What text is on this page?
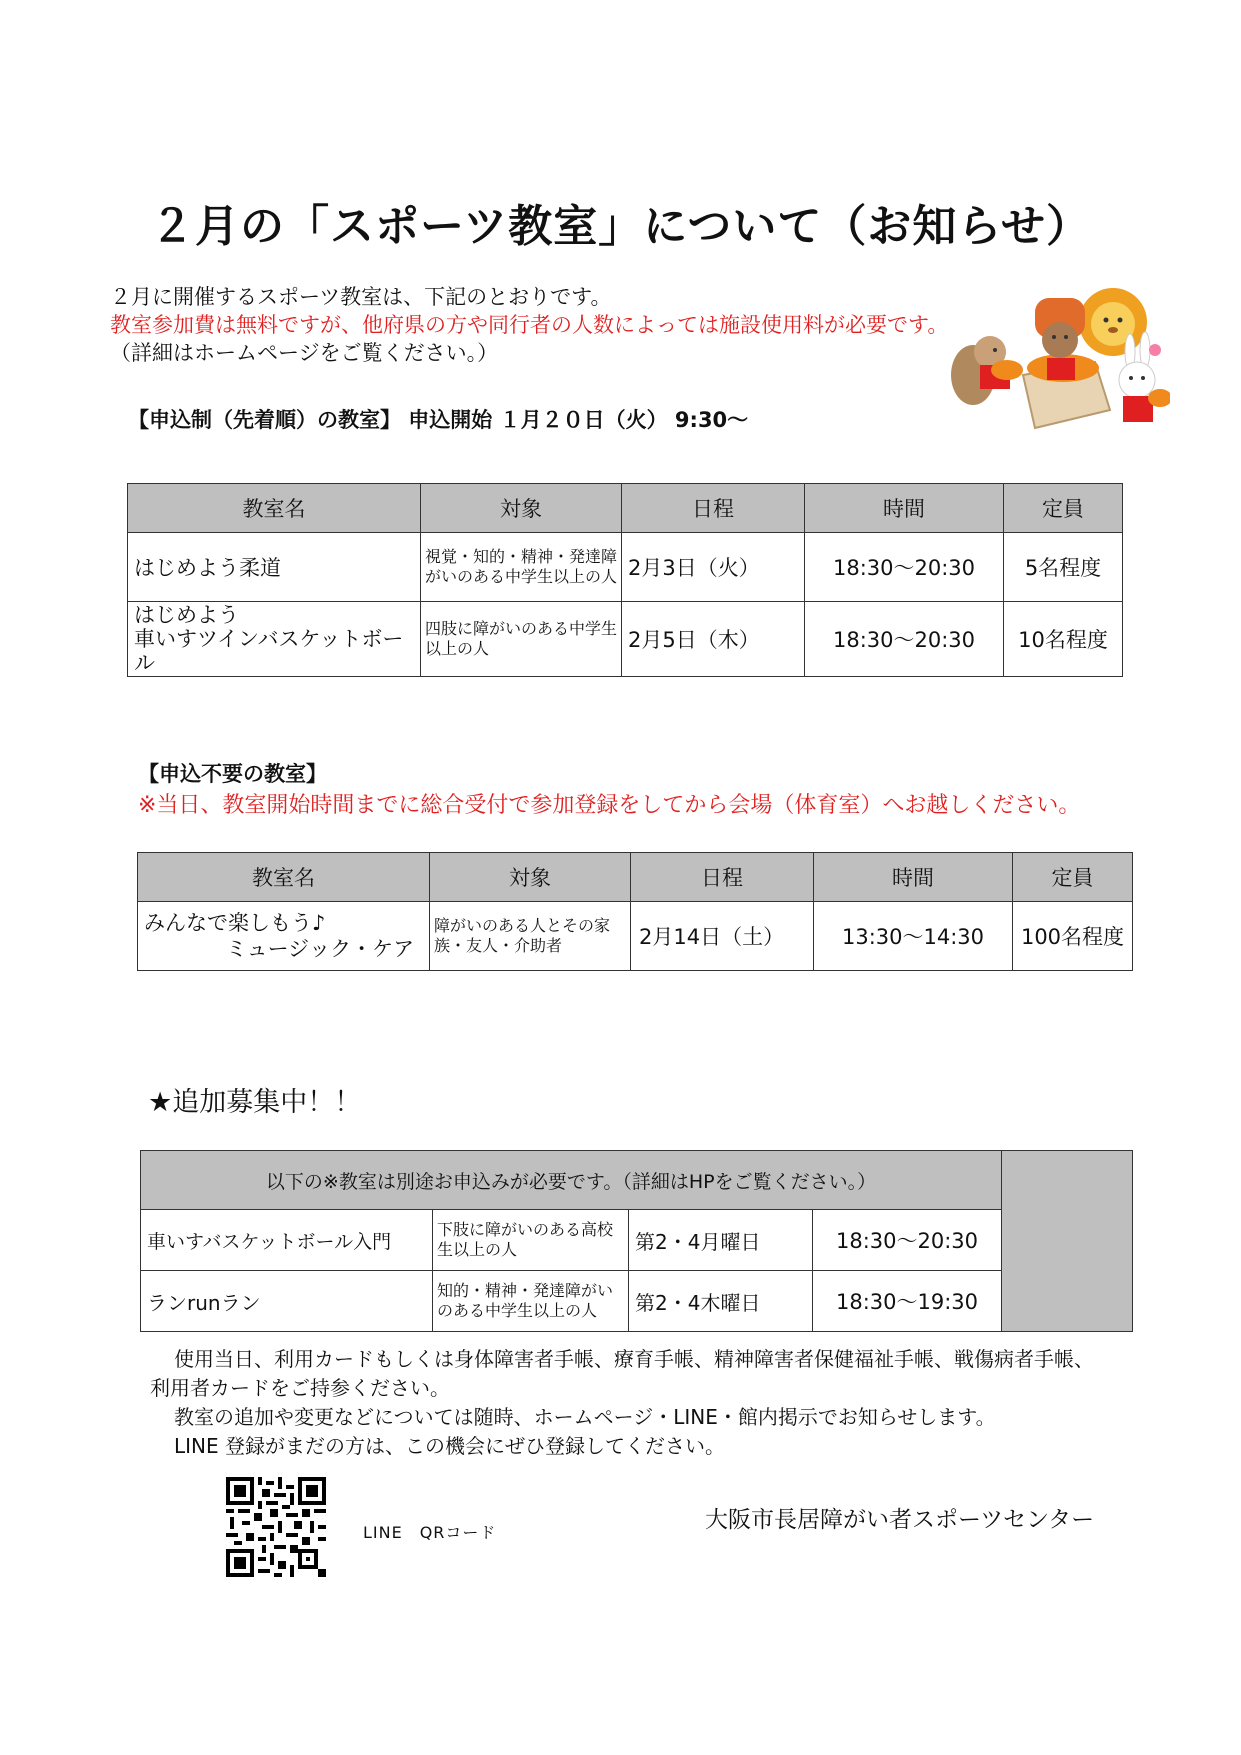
２月の「スポーツ教室」について（お知らせ）
２月に開催するスポーツ教室は、下記のとおりです。
教室参加費は無料ですが、他府県の方や同行者の人数によっては施設使用料が必要です。
（詳細はホームページをご覧ください。）
【申込制（先着順）の教室】 申込開始 １月２０日（火） 9:30～
教室名	対象	日程	時間	定員
はじめよう柔道	視覚・知的・精神・発達障がいのある中学生以上の人	2月3日（火）	18:30～20:30	5名程度

はじめよう
車いすツインバスケットボール	四肢に障がいのある中学生以上の人	2月5日（木）	18:30～20:30	10名程度
【申込不要の教室】
※当日、教室開始時間までに総合受付で参加登録をしてから会場（体育室）へお越しください。
教室名	対象	日程	時間	定員

みんなで楽しもう♪
ミュージック・ケア	障がいのある人とその家族・友人・介助者	2月14日（土）	13:30～14:30	100名程度
★追加募集中！！
以下の※教室は別途お申込みが必要です。（詳細はHPをご覧ください。）				
車いすバスケットボール入門	下肢に障がいのある高校生以上の人	第2・4月曜日	18:30～20:30	
ランrunラン	知的・精神・発達障がいのある中学生以上の人	第2・4木曜日	18:30～19:30	
使用当日、利用カードもしくは身体障害者手帳、療育手帳、精神障害者保健福祉手帳、戦傷病者手帳、
利用者カードをご持参ください。
教室の追加や変更などについては随時、ホームページ・LINE・館内掲示でお知らせします。
LINE 登録がまだの方は、この機会にぜひ登録してください。
LINE　QRコード	大阪市長居障がい者スポーツセンター
